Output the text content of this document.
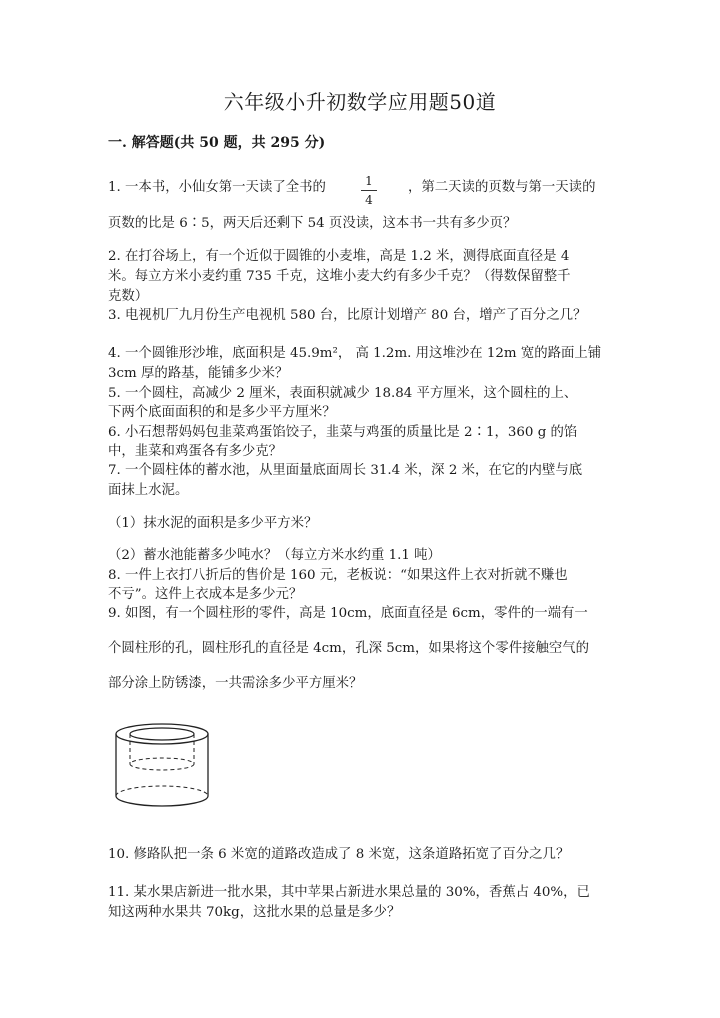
六年级小升初数学应用题50道
一. 解答题(共 50 题，共 295 分)
1. 一本书，小仙女第一天读了全书的	1
4
，第二天读的页数与第一天读的
页数的比是 6∶5，两天后还剩下 54 页没读，这本书一共有多少页？
2. 在打谷场上，有一个近似于圆锥的小麦堆，高是 1.2 米，测得底面直径是 4
米。每立方米小麦约重 735 千克，这堆小麦大约有多少千克？（得数保留整千
克数）
3. 电视机厂九月份生产电视机 580 台，比原计划增产 80 台，增产了百分之几？
4. 一个圆锥形沙堆，底面积是 45.9m²， 高 1.2m. 用这堆沙在 12m 宽的路面上铺
3cm 厚的路基，能铺多少米？
5. 一个圆柱，高减少 2 厘米，表面积就减少 18.84 平方厘米，这个圆柱的上、
下两个底面面积的和是多少平方厘米？
6. 小石想帮妈妈包韭菜鸡蛋馅饺子，韭菜与鸡蛋的质量比是 2∶1，360 g 的馅
中，韭菜和鸡蛋各有多少克？
7. 一个圆柱体的蓄水池，从里面量底面周长 31.4 米，深 2 米，在它的内壁与底
面抹上水泥。
（1）抹水泥的面积是多少平方米？
（2）蓄水池能蓄多少吨水？（每立方米水约重 1.1 吨）
8. 一件上衣打八折后的售价是 160 元，老板说：“如果这件上衣对折就不赚也
不亏”。这件上衣成本是多少元？
9. 如图，有一个圆柱形的零件，高是 10cm，底面直径是 6cm，零件的一端有一
个圆柱形的孔，圆柱形孔的直径是 4cm，孔深 5cm，如果将这个零件接触空气的
部分涂上防锈漆，一共需涂多少平方厘米？
10. 修路队把一条 6 米宽的道路改造成了 8 米宽，这条道路拓宽了百分之几？
11. 某水果店新进一批水果，其中苹果占新进水果总量的 30%，香蕉占 40%，已
知这两种水果共 70kg，这批水果的总量是多少？
